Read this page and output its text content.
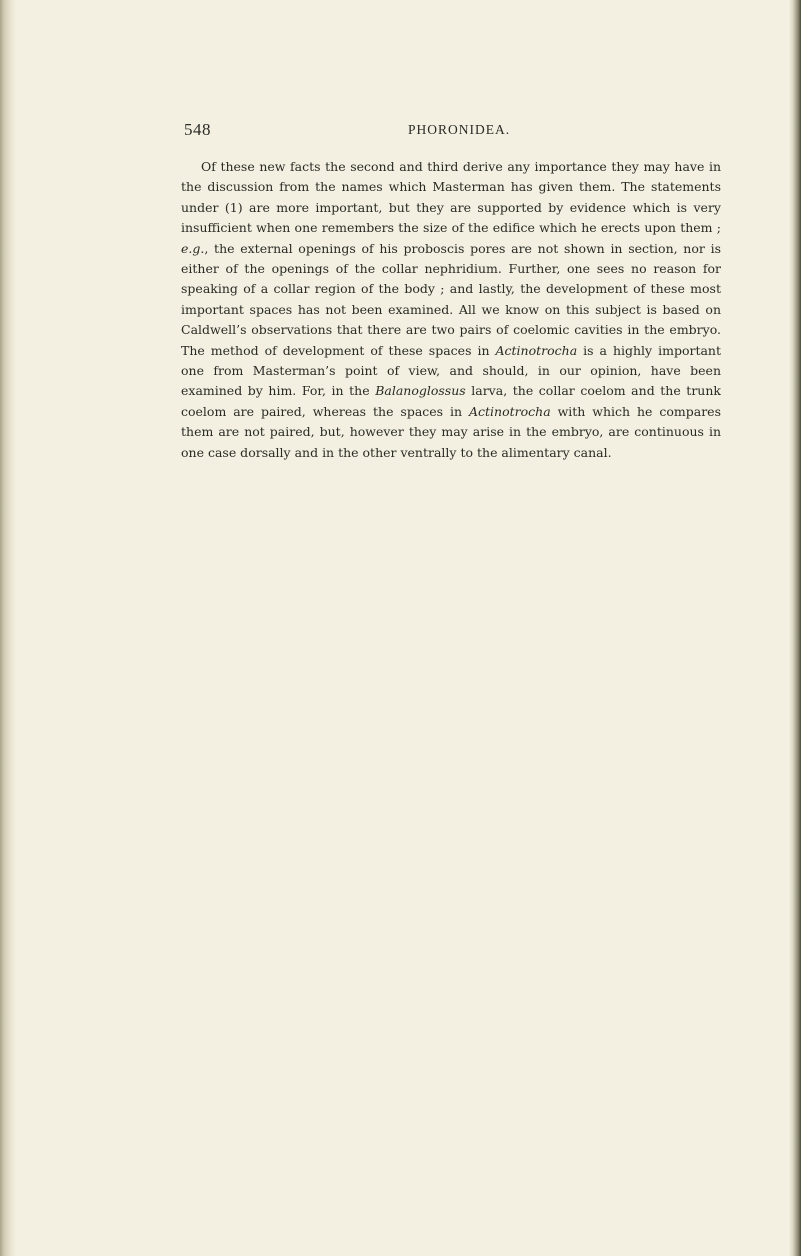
548	PHORONIDEA.

Of these new facts the second and third derive any importance they may have in the discussion from the names which Masterman has given them. The statements under (1) are more important, but they are supported by evidence which is very insufficient when one remembers the size of the edifice which he erects upon them ; e.g., the external openings of his proboscis pores are not shown in section, nor is either of the openings of the collar nephridium. Further, one sees no reason for speaking of a collar region of the body ; and lastly, the development of these most important spaces has not been examined. All we know on this subject is based on Caldwell’s observations that there are two pairs of coelomic cavities in the embryo. The method of development of these spaces in Actinotrocha is a highly important one from Masterman’s point of view, and should, in our opinion, have been examined by him. For, in the Balanoglossus larva, the collar coelom and the trunk coelom are paired, whereas the spaces in Actinotrocha with which he compares them are not paired, but, however they may arise in the embryo, are continuous in one case dorsally and in the other ventrally to the alimentary canal.
